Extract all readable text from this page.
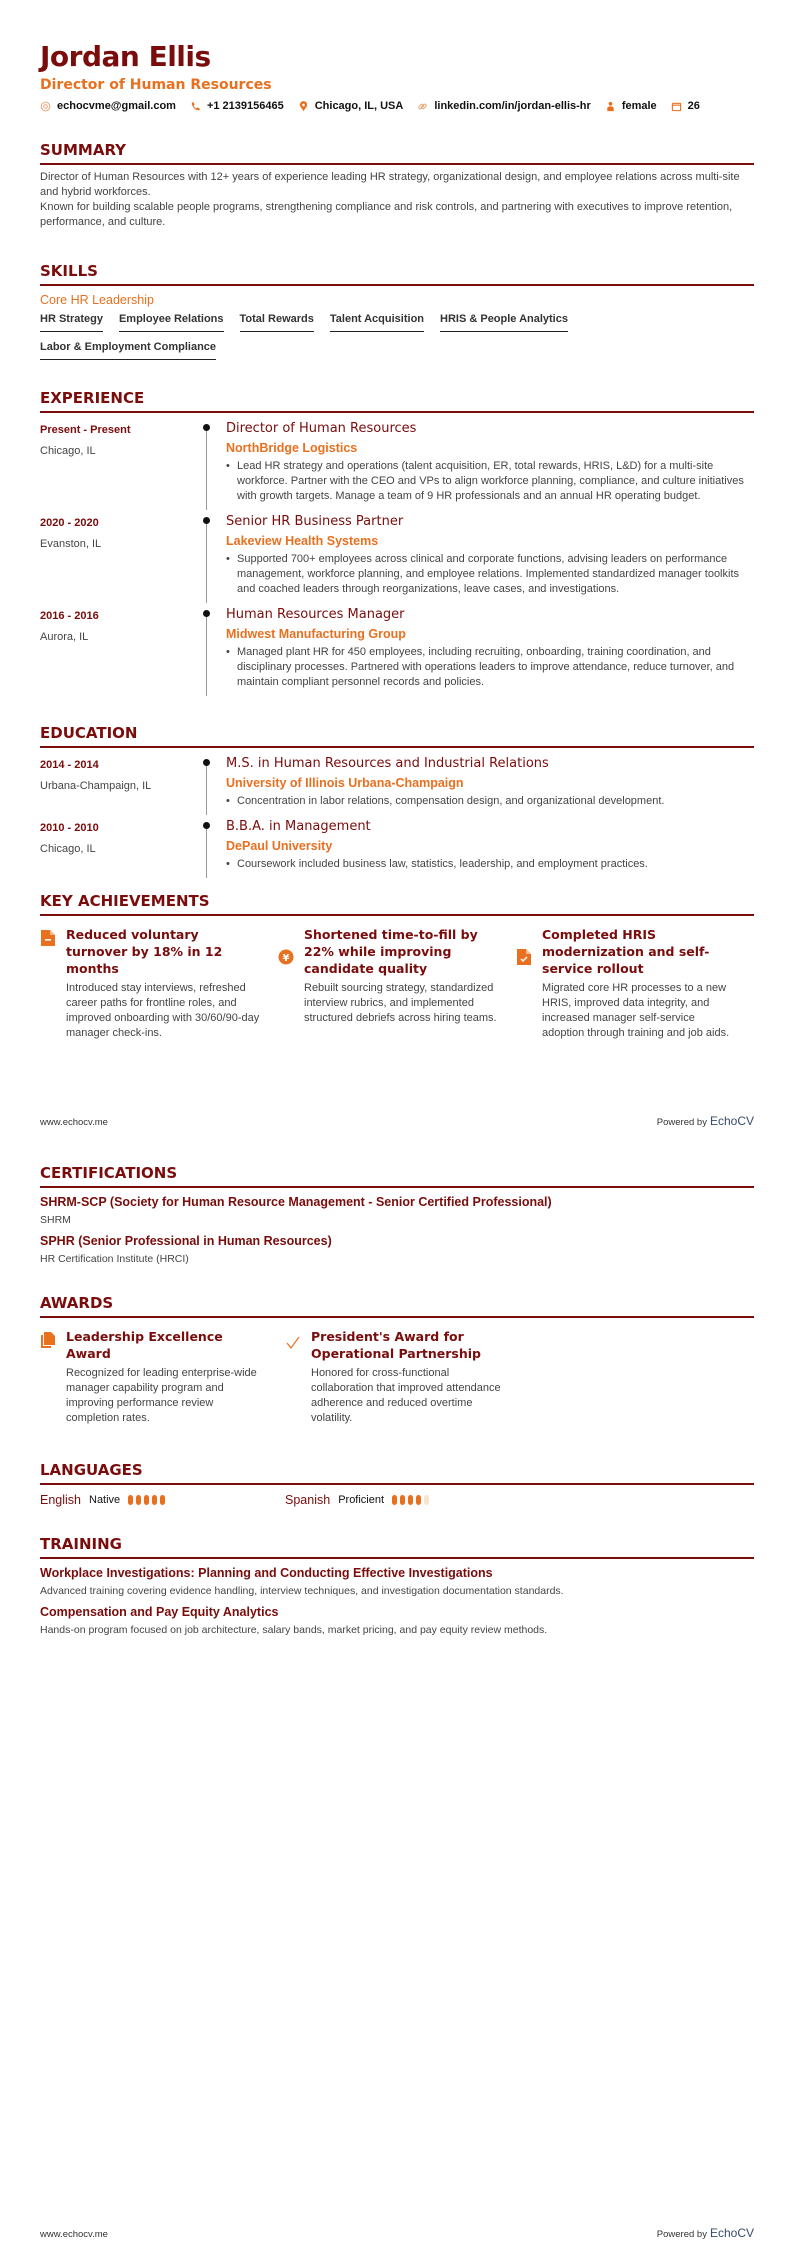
Jordan Ellis
Director of Human Resources
echocvme@gmail.com	+1 2139156465	Chicago, IL, USA	linkedin.com/in/jordan-ellis-hr	female	26
SUMMARY

Director of Human Resources with 12+ years of experience leading HR strategy, organizational design, and employee relations across multi-site and hybrid workforces.

Known for building scalable people programs, strengthening compliance and risk controls, and partnering with executives to improve retention, performance, and culture.

SKILLS
Core HR Leadership
HR Strategy Employee Relations Total Rewards Talent Acquisition HRIS & People Analytics
Labor & Employment Compliance
EXPERIENCE
Present - Present
Chicago, IL
Director of Human Resources
NorthBridge Logistics
• Lead HR strategy and operations (talent acquisition, ER, total rewards, HRIS, L&D) for a multi-site workforce. Partner with the CEO and VPs to align workforce planning, compliance, and culture initiatives with growth targets. Manage a team of 9 HR professionals and an annual HR operating budget.
2020 - 2020
Evanston, IL
Senior HR Business Partner
Lakeview Health Systems
• Supported 700+ employees across clinical and corporate functions, advising leaders on performance management, workforce planning, and employee relations. Implemented standardized manager toolkits and coached leaders through reorganizations, leave cases, and investigations.
2016 - 2016
Aurora, IL
Human Resources Manager
Midwest Manufacturing Group
• Managed plant HR for 450 employees, including recruiting, onboarding, training coordination, and disciplinary processes. Partnered with operations leaders to improve attendance, reduce turnover, and maintain compliant personnel records and policies.
EDUCATION
2014 - 2014
Urbana-Champaign, IL
M.S. in Human Resources and Industrial Relations
University of Illinois Urbana-Champaign
• Concentration in labor relations, compensation design, and organizational development.
2010 - 2010
Chicago, IL
B.B.A. in Management
DePaul University
• Coursework included business law, statistics, leadership, and employment practices.
KEY ACHIEVEMENTS
Reduced voluntary turnover by 18% in 12 months
Introduced stay interviews, refreshed career paths for frontline roles, and improved onboarding with 30/60/90-day manager check-ins.
¥
Shortened time-to-fill by 22% while improving candidate quality
Rebuilt sourcing strategy, standardized interview rubrics, and implemented structured debriefs across hiring teams.
Completed HRIS modernization and self-service rollout
Migrated core HR processes to a new HRIS, improved data integrity, and increased manager self-service adoption through training and job aids.
www.echocv.me	Powered by EchoCV
CERTIFICATIONS
SHRM-SCP (Society for Human Resource Management - Senior Certified Professional)
SHRM
SPHR (Senior Professional in Human Resources)
HR Certification Institute (HRCI)
AWARDS
Leadership Excellence Award
Recognized for leading enterprise-wide manager capability program and improving performance review completion rates.
President's Award for Operational Partnership
Honored for cross-functional collaboration that improved attendance adherence and reduced overtime volatility.
LANGUAGES
English Native	Spanish Proficient
TRAINING
Workplace Investigations: Planning and Conducting Effective Investigations
Advanced training covering evidence handling, interview techniques, and investigation documentation standards.
Compensation and Pay Equity Analytics
Hands-on program focused on job architecture, salary bands, market pricing, and pay equity review methods.
www.echocv.me	Powered by EchoCV
